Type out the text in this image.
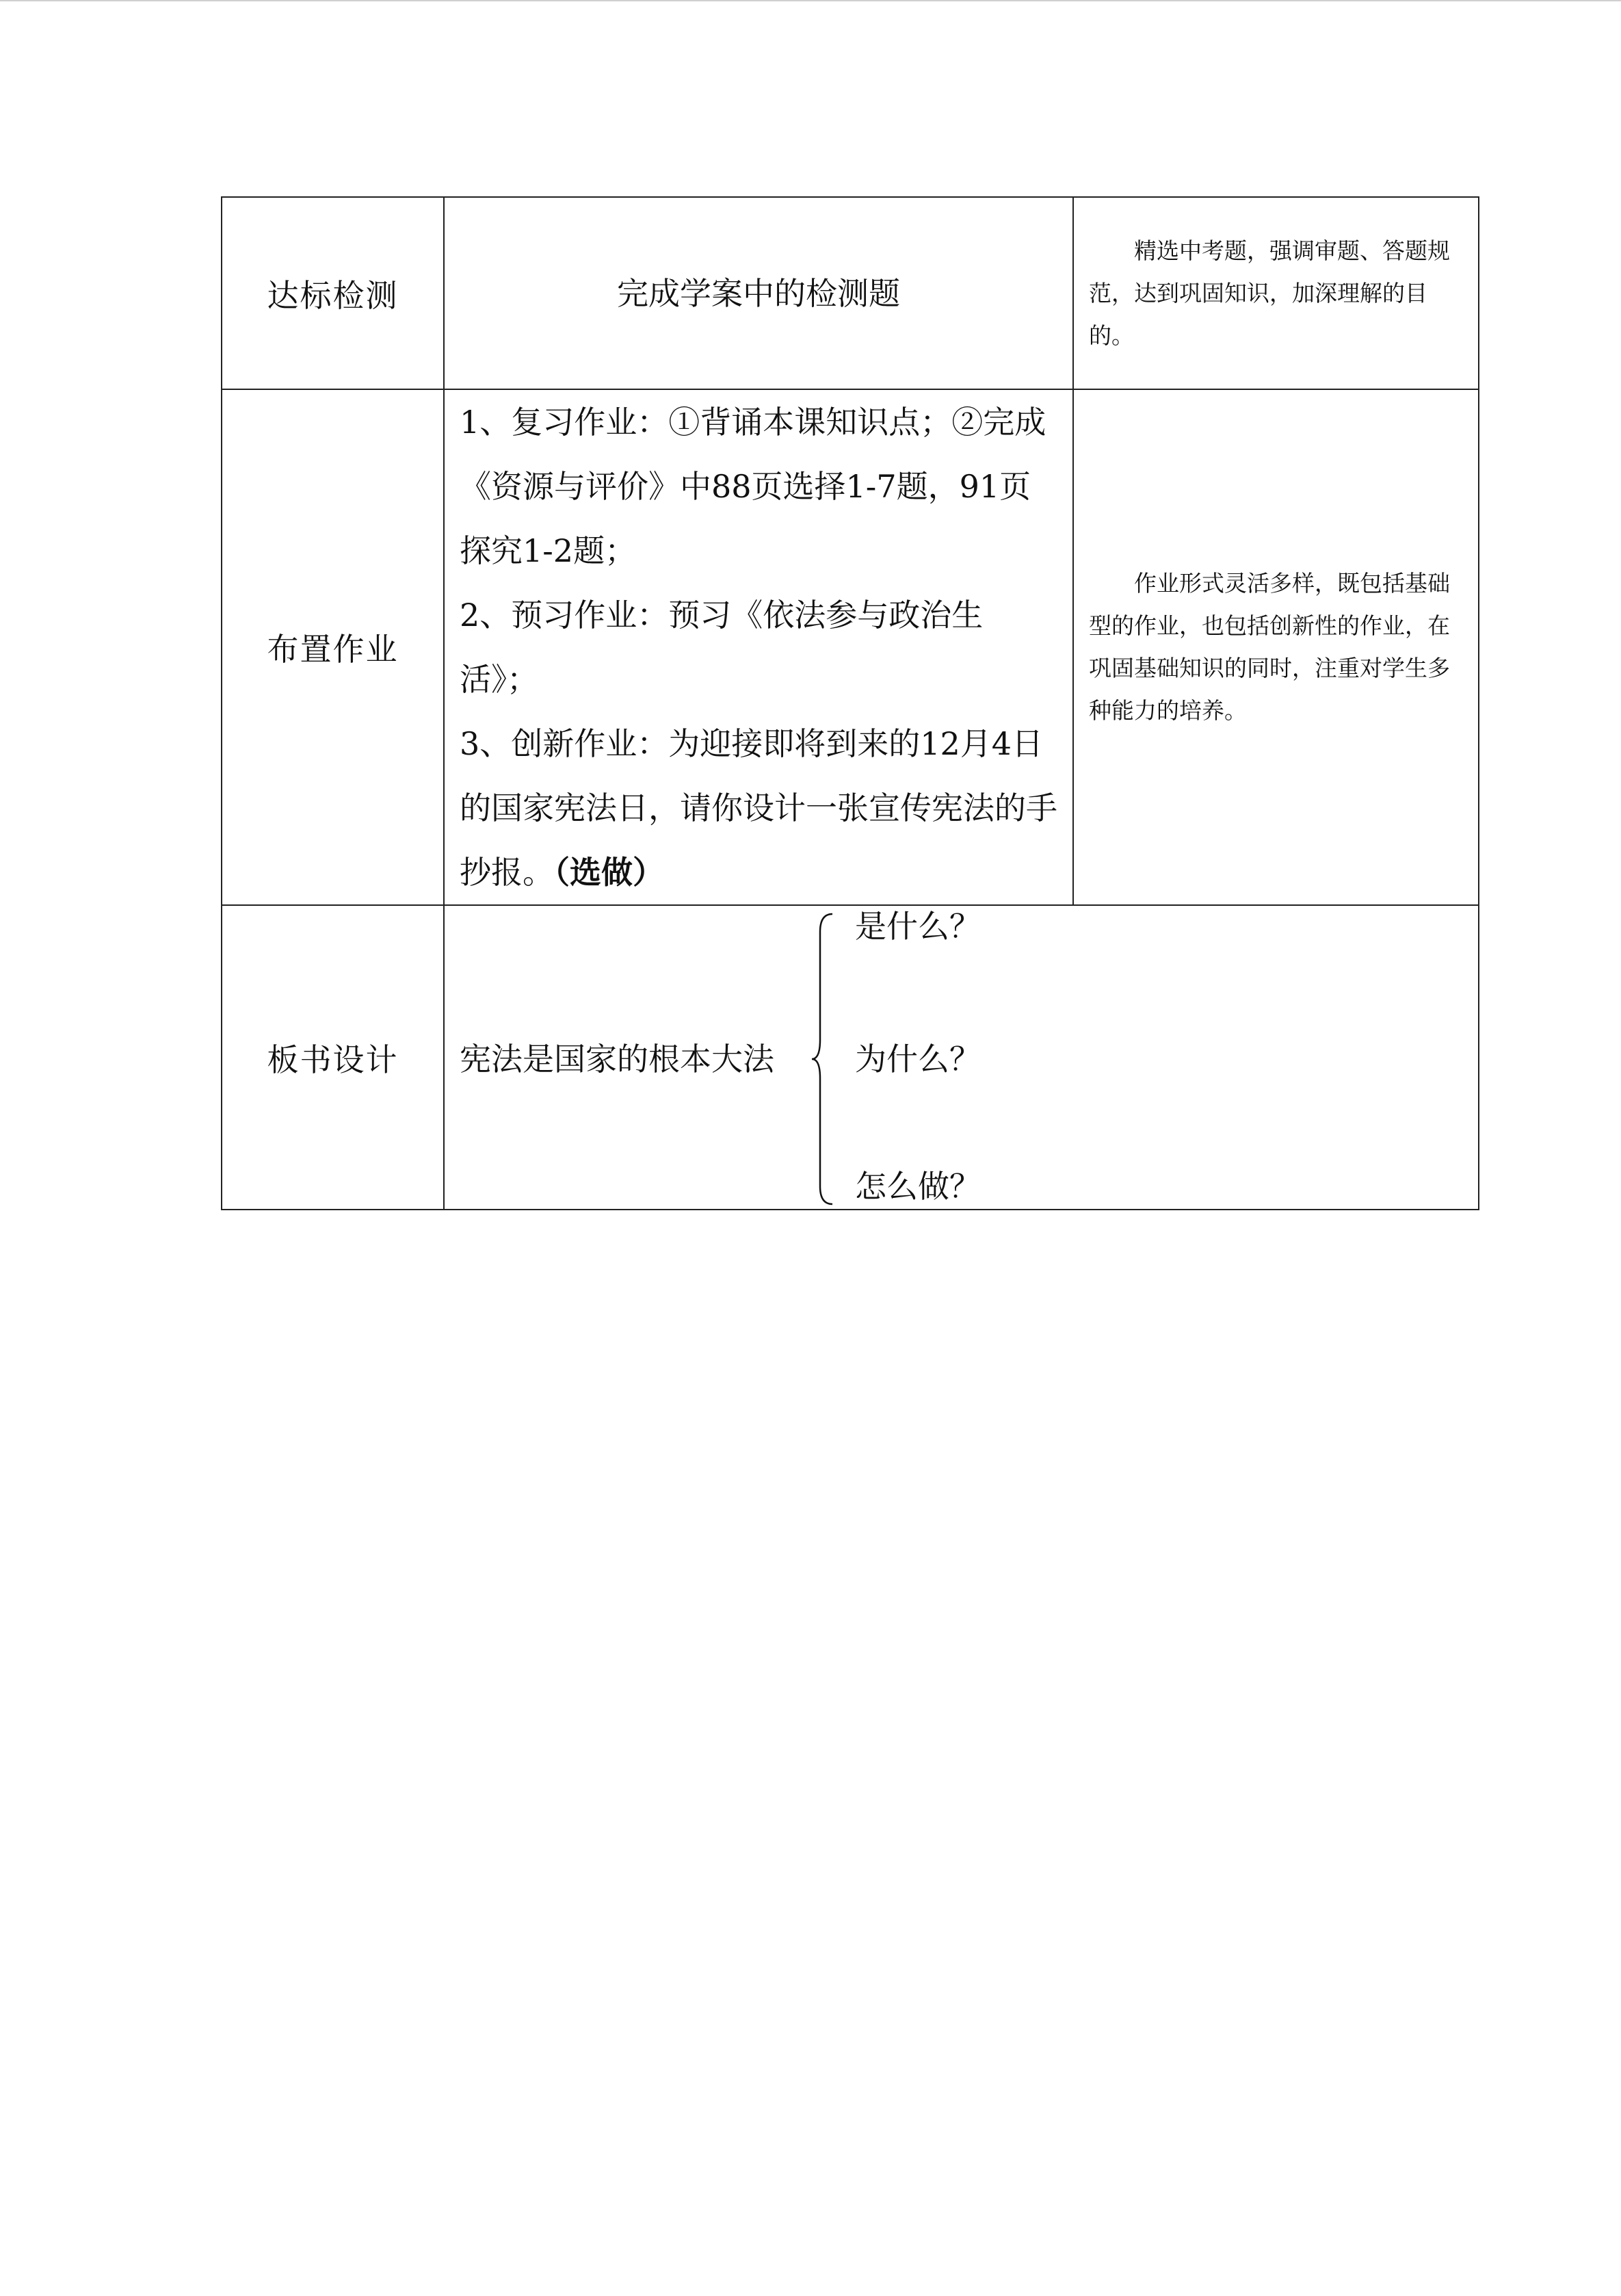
达标检测	完成学案中的检测题	精选中考题，强调审题、答题规范，达到巩固知识，加深理解的目的。

布置作业	1、复习作业：①背诵本课知识点；②完成《资源与评价》中88页选择1-7题，91页探究1-2题；
2、预习作业：预习《依法参与政治生活》；
3、创新作业：为迎接即将到来的12月4日的国家宪法日，请你设计一张宣传宪法的手抄报。（选做）	作业形式灵活多样，既包括基础型的作业，也包括创新性的作业，在巩固基础知识的同时，注重对学生多种能力的培养。

板书设计	宪法是国家的根本大法
是什么？
为什么？
怎么做？	
